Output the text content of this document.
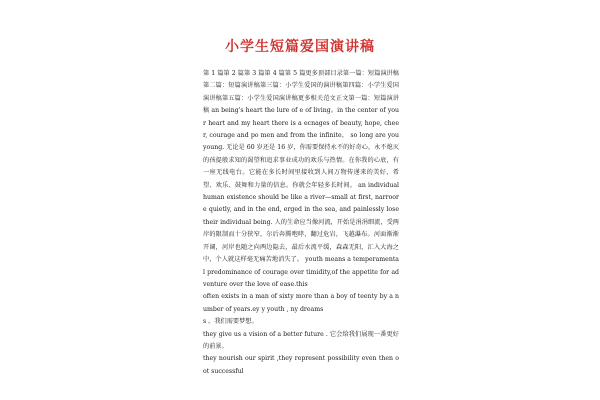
小学生短篇爱国演讲稿

第 1 篇第 2 篇第 3 篇第 4 篇第 5 篇更多顶部目录第一篇：短篇演讲稿第二篇：短篇演讲稿第三篇：小学生爱国的演讲稿第四篇：小学生爱国演讲稿第五篇：小学生爱国演讲稿更多相关范文正文第一篇：短篇演讲稿 an being's heart the lure of e of living。in the center of your heart and my heart there is a ecnages of beauty, hope, cheer, courage and po men and from the infinite， so long are you young. 无论是 60 岁还是 16 岁，你需要保持永不的好奇心，永不熄灭的孩提般求知的渴望和追求事业成功的欢乐与热情。在你我的心底，有一座无线电台。它能在多长时间里接收到人间万物传递来的美好、希望、欢乐、鼓舞和力量的信息。你就会年轻多长时间。 an individual human existence should be like a river—small at first, narroore quietly, and in the end, erged in the sea, and painlessly lose their individual being. 人的生命应当像河流，开始是涓涓细流，受两岸的限制而十分狭窄，尔后奔腾咆哮，翻过危岩，飞越瀑布。河面渐渐开阔，河岸也随之向两边隐去，最后水流平缓，森森无阳，汇入大海之中，个人就这样毫无痛苦地消失了。 youth means a temperamental predominance of courage over timidity,of the appetite for adventure over the love of ease.this

often exists in a man of sixty more than a boy of teenty by a number of years.ey y youth , ny dreams

s 。我们需要梦想。

they give us a vision of a better future . 它会给我们展现一番更好的前景。

they nourish our spirit ,they represent possibility even then oot successful
